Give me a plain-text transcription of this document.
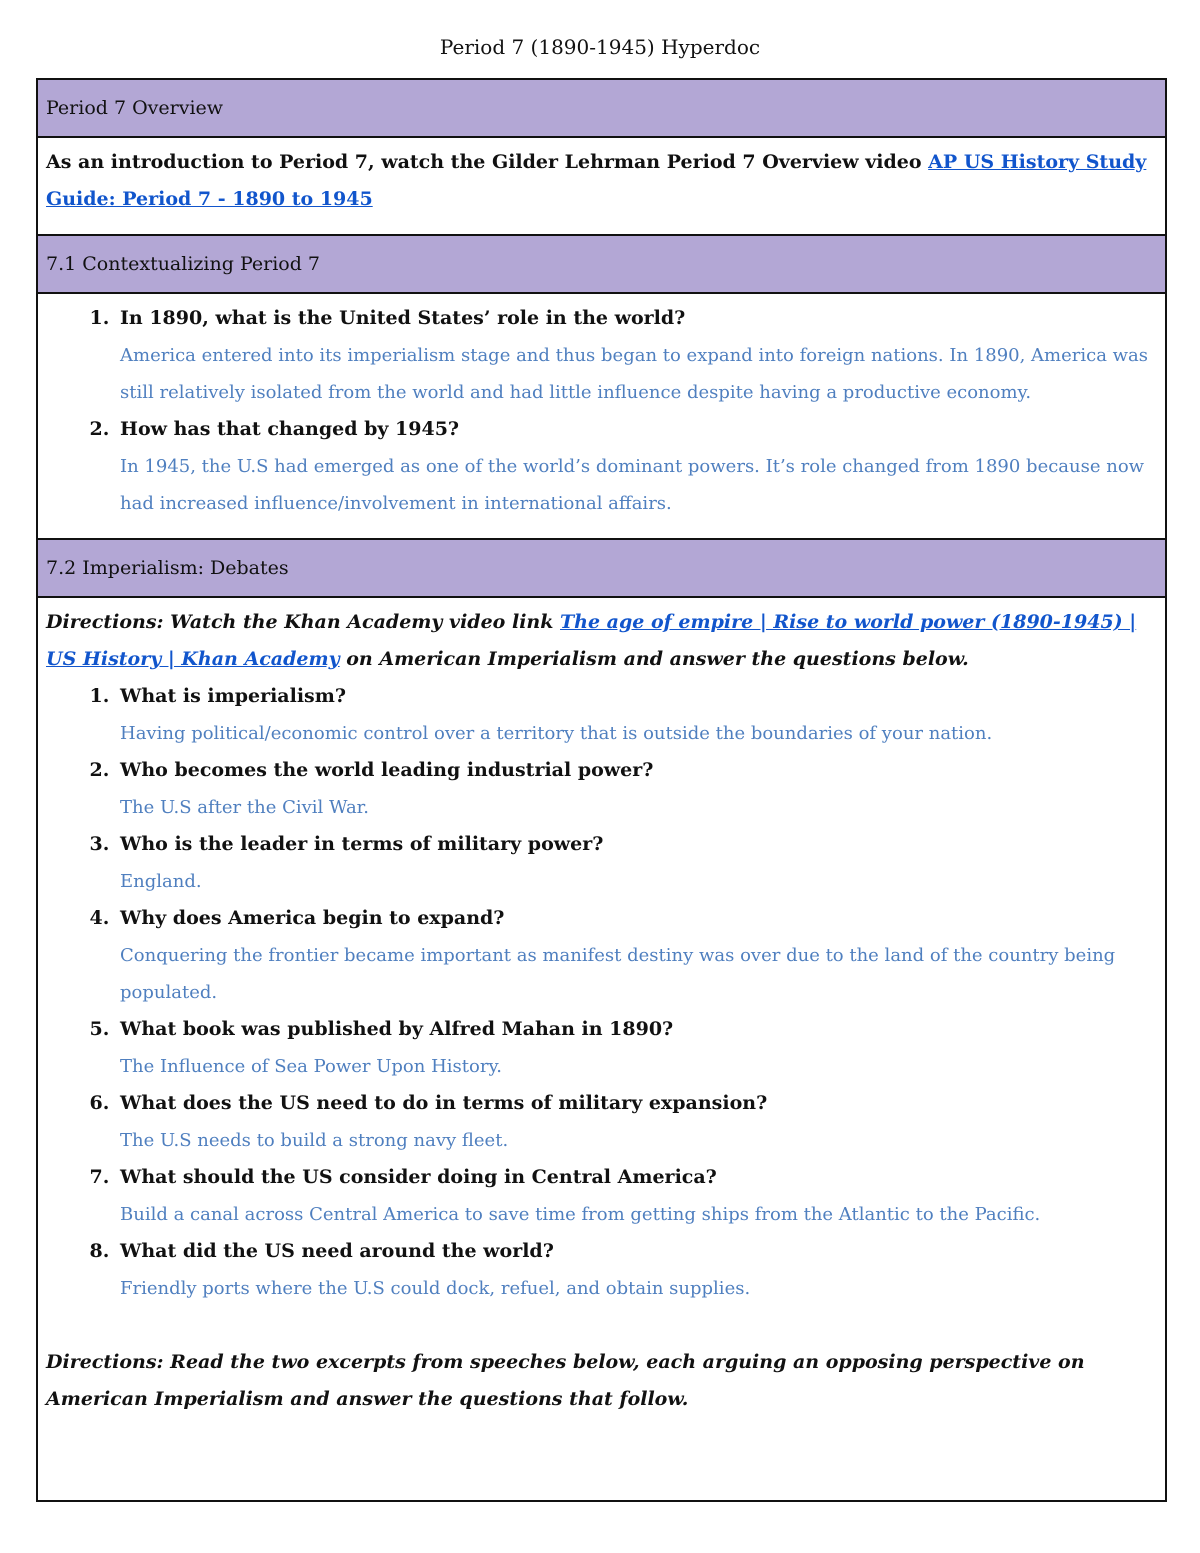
Period 7 (1890-1945) Hyperdoc
Period 7 Overview

As an introduction to Period 7, watch the Gilder Lehrman Period 7 Overview video AP US History Study Guide: Period 7 - 1890 to 1945

7.1 Contextualizing Period 7

1. In 1890, what is the United States’ role in the world?
America entered into its imperialism stage and thus began to expand into foreign nations. In 1890, America was still relatively isolated from the world and had little influence despite having a productive economy.
2. How has that changed by 1945?
In 1945, the U.S had emerged as one of the world’s dominant powers. It’s role changed from 1890 because now had increased influence/involvement in international affairs.

7.2 Imperialism: Debates

Directions: Watch the Khan Academy video link The age of empire | Rise to world power (1890-1945) | US History | Khan Academy on American Imperialism and answer the questions below.
1. What is imperialism?
Having political/economic control over a territory that is outside the boundaries of your nation.
2. Who becomes the world leading industrial power?
The U.S after the Civil War.
3. Who is the leader in terms of military power?
England.
4. Why does America begin to expand?
Conquering the frontier became important as manifest destiny was over due to the land of the country being populated.
5. What book was published by Alfred Mahan in 1890?
The Influence of Sea Power Upon History.
6. What does the US need to do in terms of military expansion?
The U.S needs to build a strong navy fleet.
7. What should the US consider doing in Central America?
Build a canal across Central America to save time from getting ships from the Atlantic to the Pacific.
8. What did the US need around the world?
Friendly ports where the U.S could dock, refuel, and obtain supplies.
Directions: Read the two excerpts from speeches below, each arguing an opposing perspective on American Imperialism and answer the questions that follow.
